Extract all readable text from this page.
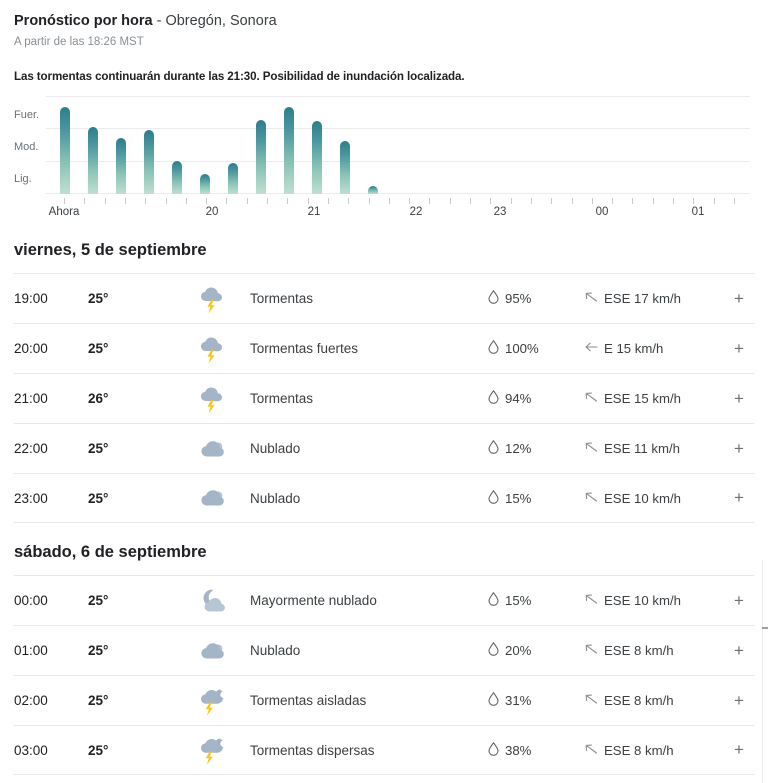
Pronóstico por hora - Obregón, Sonora
A partir de las 18:26 MST
Las tormentas continuarán durante las 21:30. Posibilidad de inundación localizada.
Fuer.
Mod.
Lig.
Ahora	20	21	22	23	00	01
viernes, 5 de septiembre
19:00	25°	Tormentas	95%	ESE 17 km/h	+
20:00	25°	Tormentas fuertes	100%	E 15 km/h	+
21:00	26°	Tormentas	94%	ESE 15 km/h	+
22:00	25°	Nublado	12%	ESE 11 km/h	+
23:00	25°	Nublado	15%	ESE 10 km/h	+
sábado, 6 de septiembre
00:00	25°	Mayormente nublado	15%	ESE 10 km/h	+
01:00	25°	Nublado	20%	ESE 8 km/h	+
02:00	25°	Tormentas aisladas	31%	ESE 8 km/h	+
03:00	25°	Tormentas dispersas	38%	ESE 8 km/h	+
